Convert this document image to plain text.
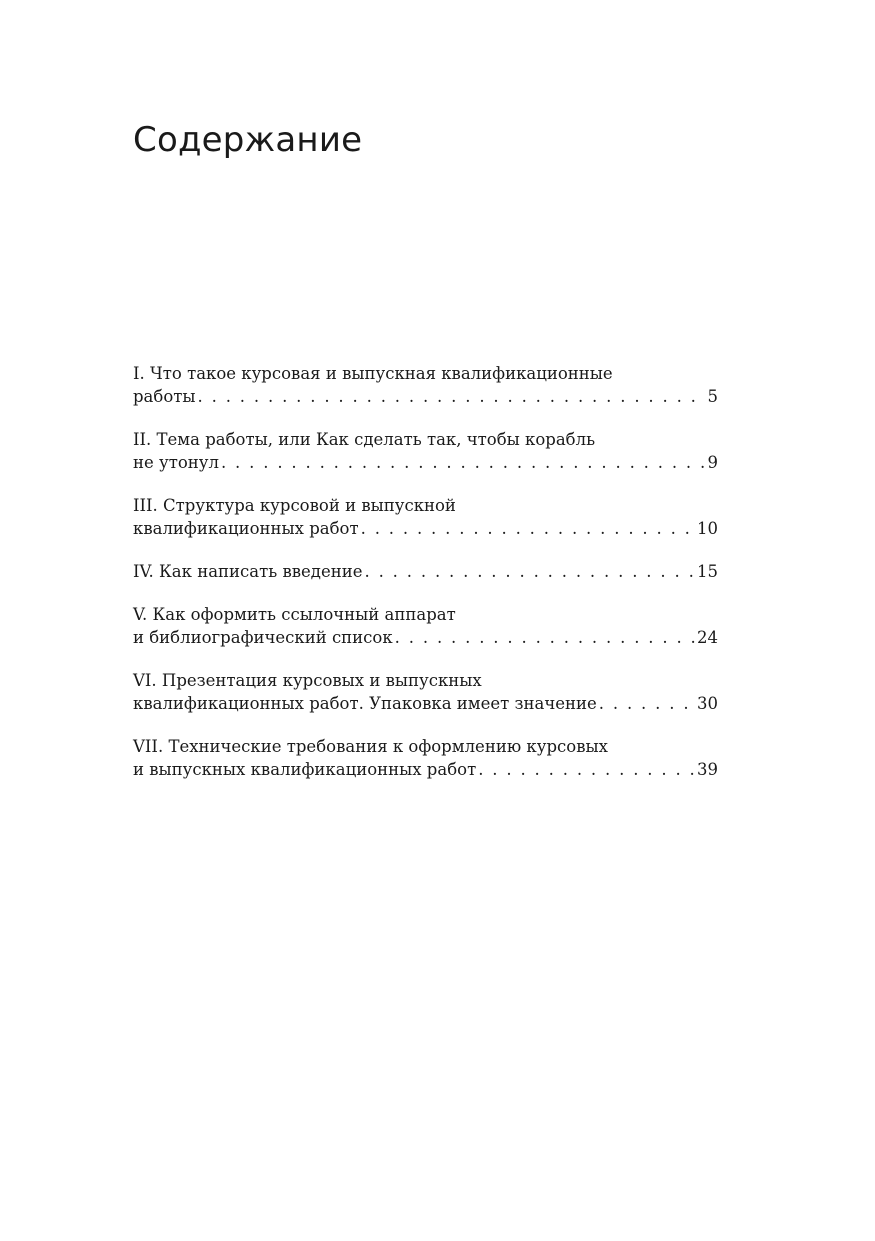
Содержание
I. Что такое курсовая и выпускная квалификационные
работы . . .	5
II. Тема работы, или Как сделать так, чтобы корабль
не утонул . . .	9
III. Структура курсовой и выпускной
квалификационных работ . . .	10
IV. Как написать введение . . .	15
V. Как оформить ссылочный аппарат
и библиографический список . . .	24
VI. Презентация курсовых и выпускных
квалификационных работ. Упаковка имеет значение . . .	30
VII. Технические требования к оформлению курсовых
и выпускных квалификационных работ . . .	39
